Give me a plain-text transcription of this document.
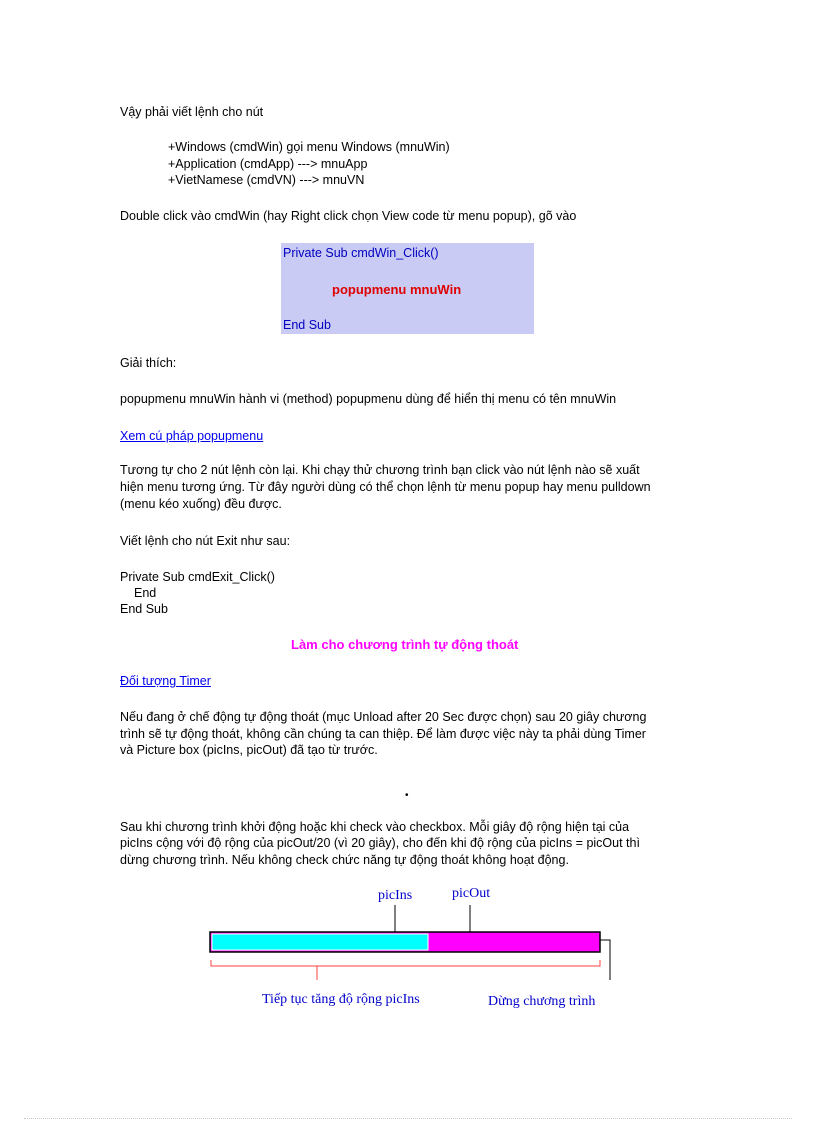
Vậy phải viết lệnh cho nút
+Windows (cmdWin) gọi menu Windows (mnuWin)
+Application (cmdApp) ---> mnuApp
+VietNamese (cmdVN) ---> mnuVN
Double click vào cmdWin (hay Right click chọn View code từ menu popup), gõ vào
Private Sub cmdWin_Click()
popupmenu mnuWin
End Sub
Giải thích:
popupmenu mnuWin hành vi (method) popupmenu dùng để hiển thị menu có tên mnuWin
Xem cú pháp popupmenu
Tương tự cho 2 nút lệnh còn lại. Khi chạy thử chương trình bạn click vào nút lệnh nào sẽ xuất
hiện menu tương ứng. Từ đây người dùng có thể chọn lệnh từ menu popup hay menu pulldown
(menu kéo xuống) đều được.
Viết lệnh cho nút Exit như sau:
Private Sub cmdExit_Click()
End
End Sub
Làm cho chương trình tự động thoát
Đối tượng Timer
Nếu đang ở chế động tự động thoát (mục Unload after 20 Sec được chọn) sau 20 giây chương
trình sẽ tự động thoát, không cần chúng ta can thiệp. Để làm được việc này ta phải dùng Timer
và Picture box (picIns, picOut) đã tạo từ trước.
•
Sau khi chương trình khởi động hoặc khi check vào checkbox. Mỗi giây độ rộng hiện tại của
picIns cộng với độ rộng của picOut/20 (vì 20 giây), cho đến khi độ rộng của picIns = picOut thì
dừng chương trình. Nếu không check chức năng tự động thoát không hoạt động.
picIns	picOut
Tiếp tục tăng độ rộng picIns	Dừng chương trình
